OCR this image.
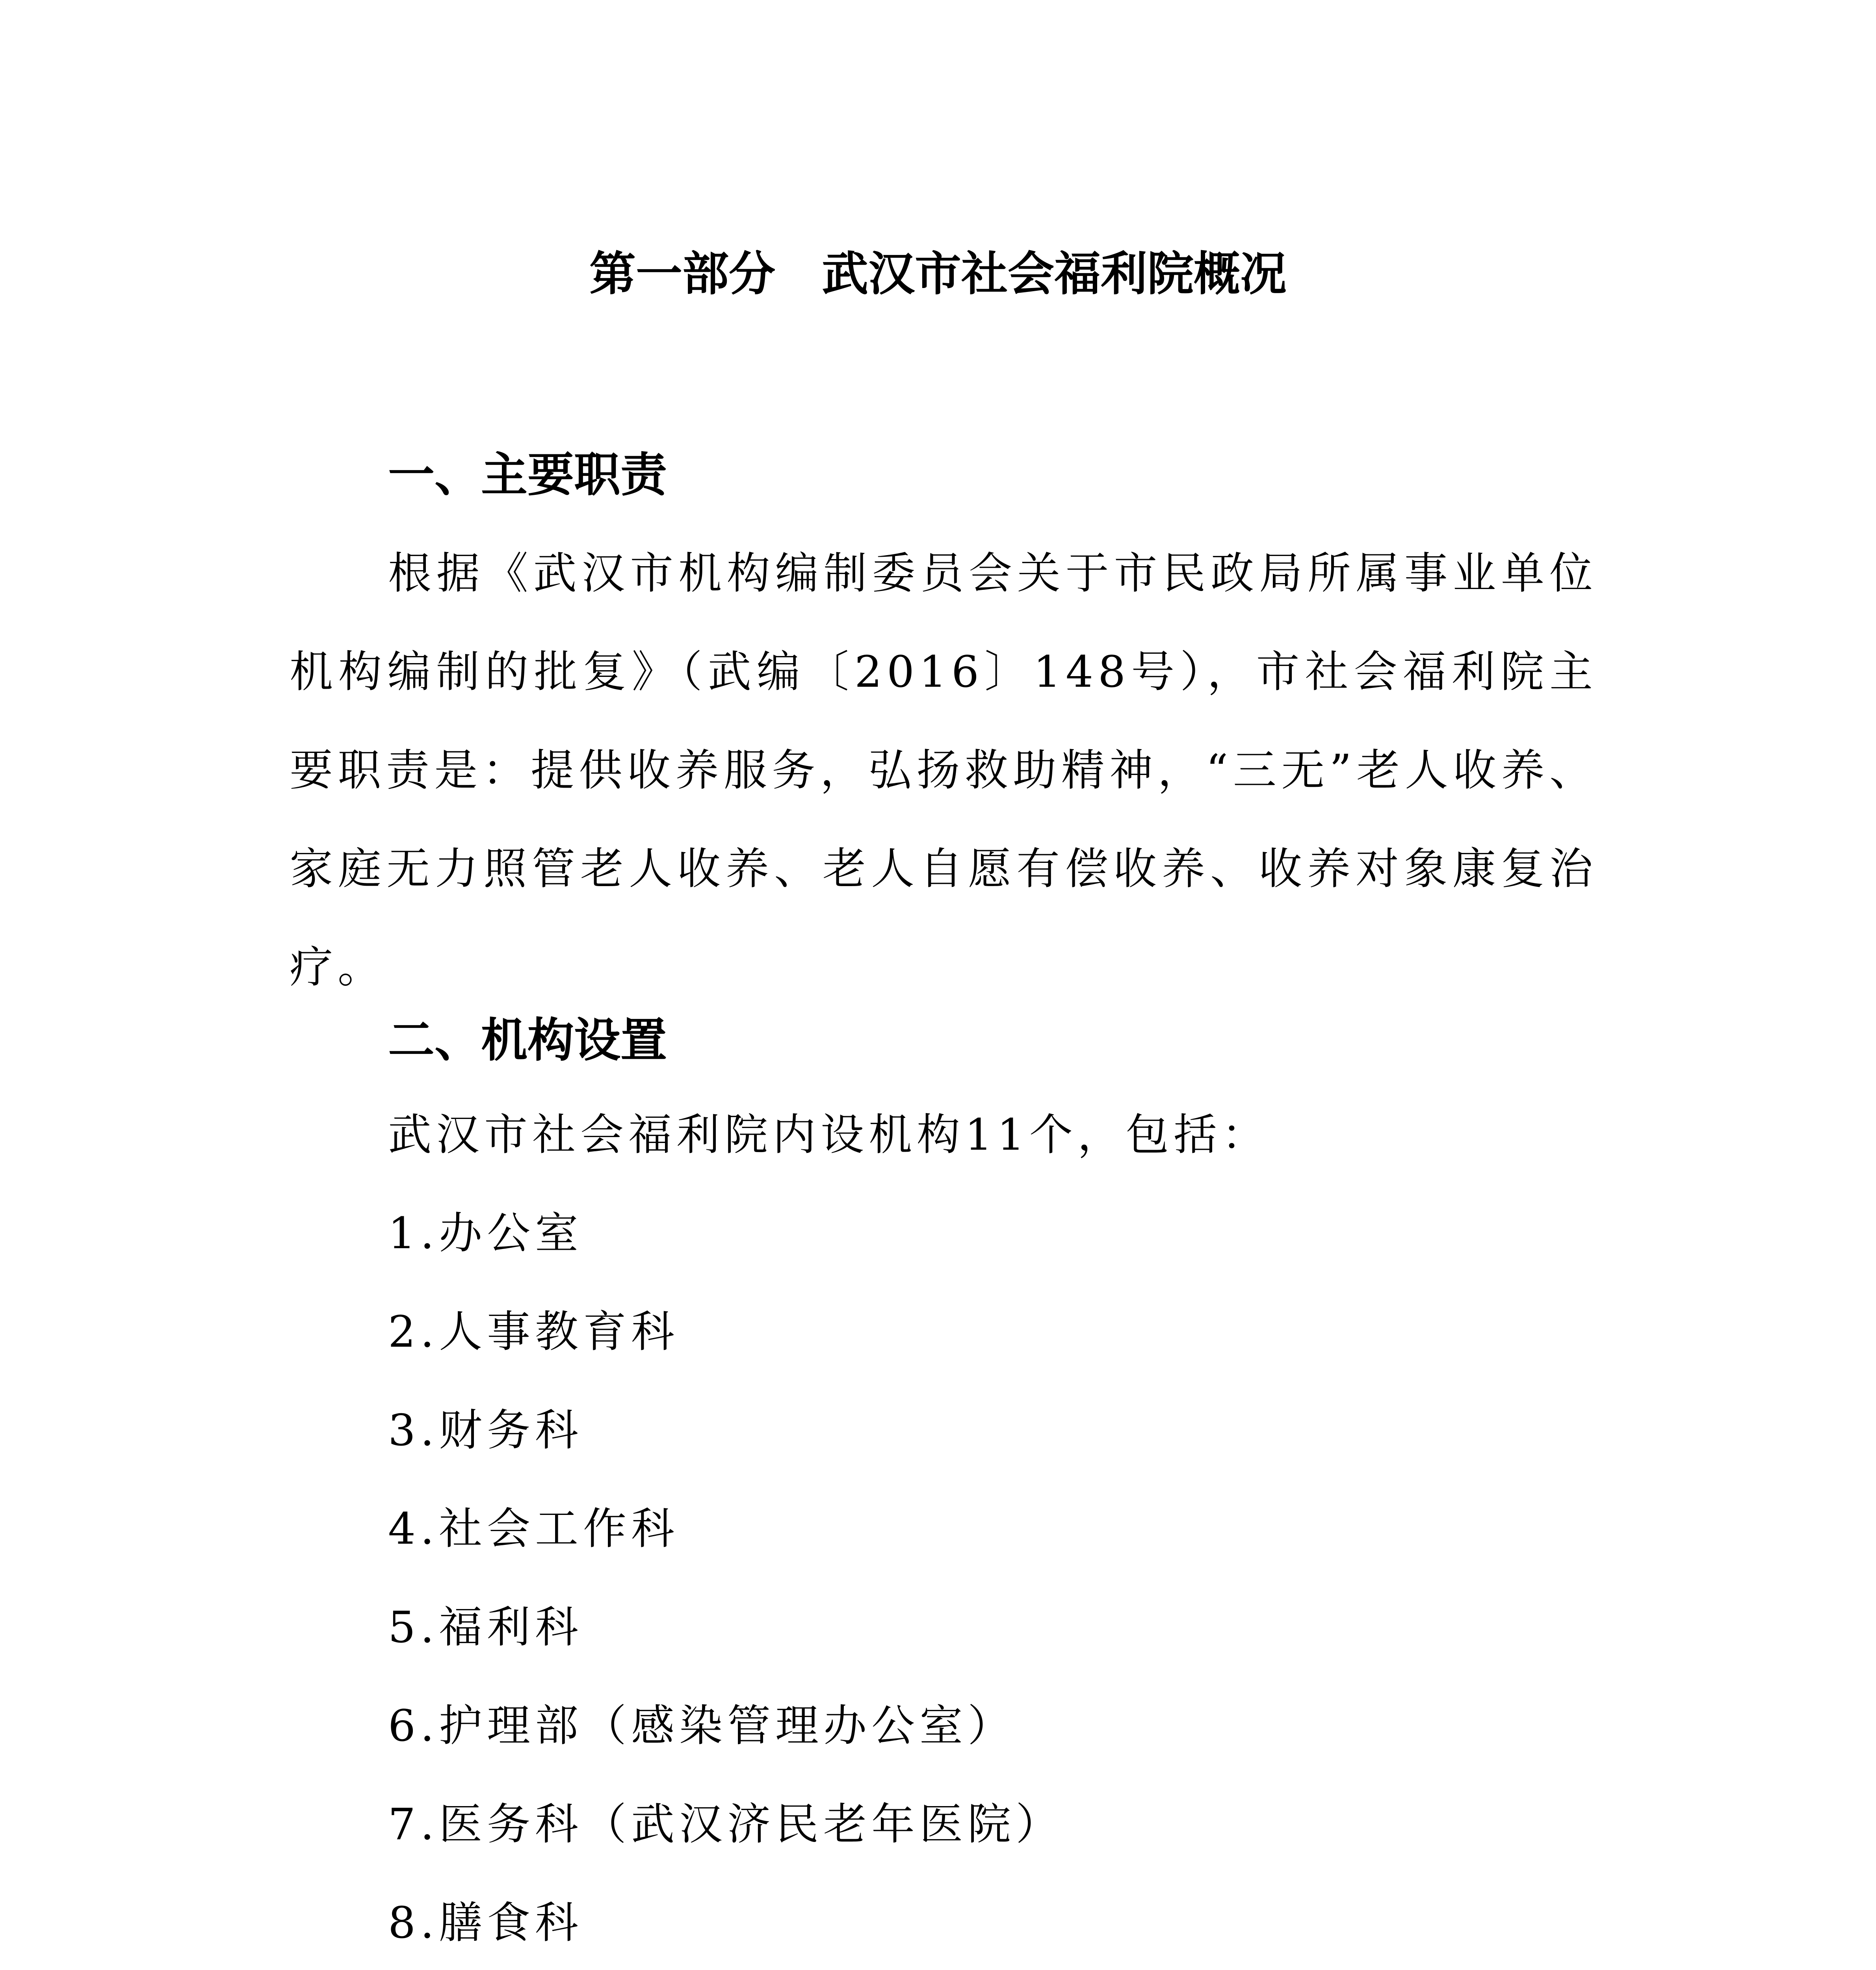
第一部分　武汉市社会福利院概况
一、主要职责

根据《武汉市机构编制委员会关于市民政局所属事业单位机构编制的批复》（武编〔2016〕148号），市社会福利院主要职责是：提供收养服务，弘扬救助精神，“三无”老人收养、家庭无力照管老人收养、老人自愿有偿收养、收养对象康复治疗。

二、机构设置

武汉市社会福利院内设机构11个，包括：

1.办公室
2.人事教育科
3.财务科
4.社会工作科
5.福利科
6.护理部（感染管理办公室）
7.医务科（武汉济民老年医院）
8.膳食科
